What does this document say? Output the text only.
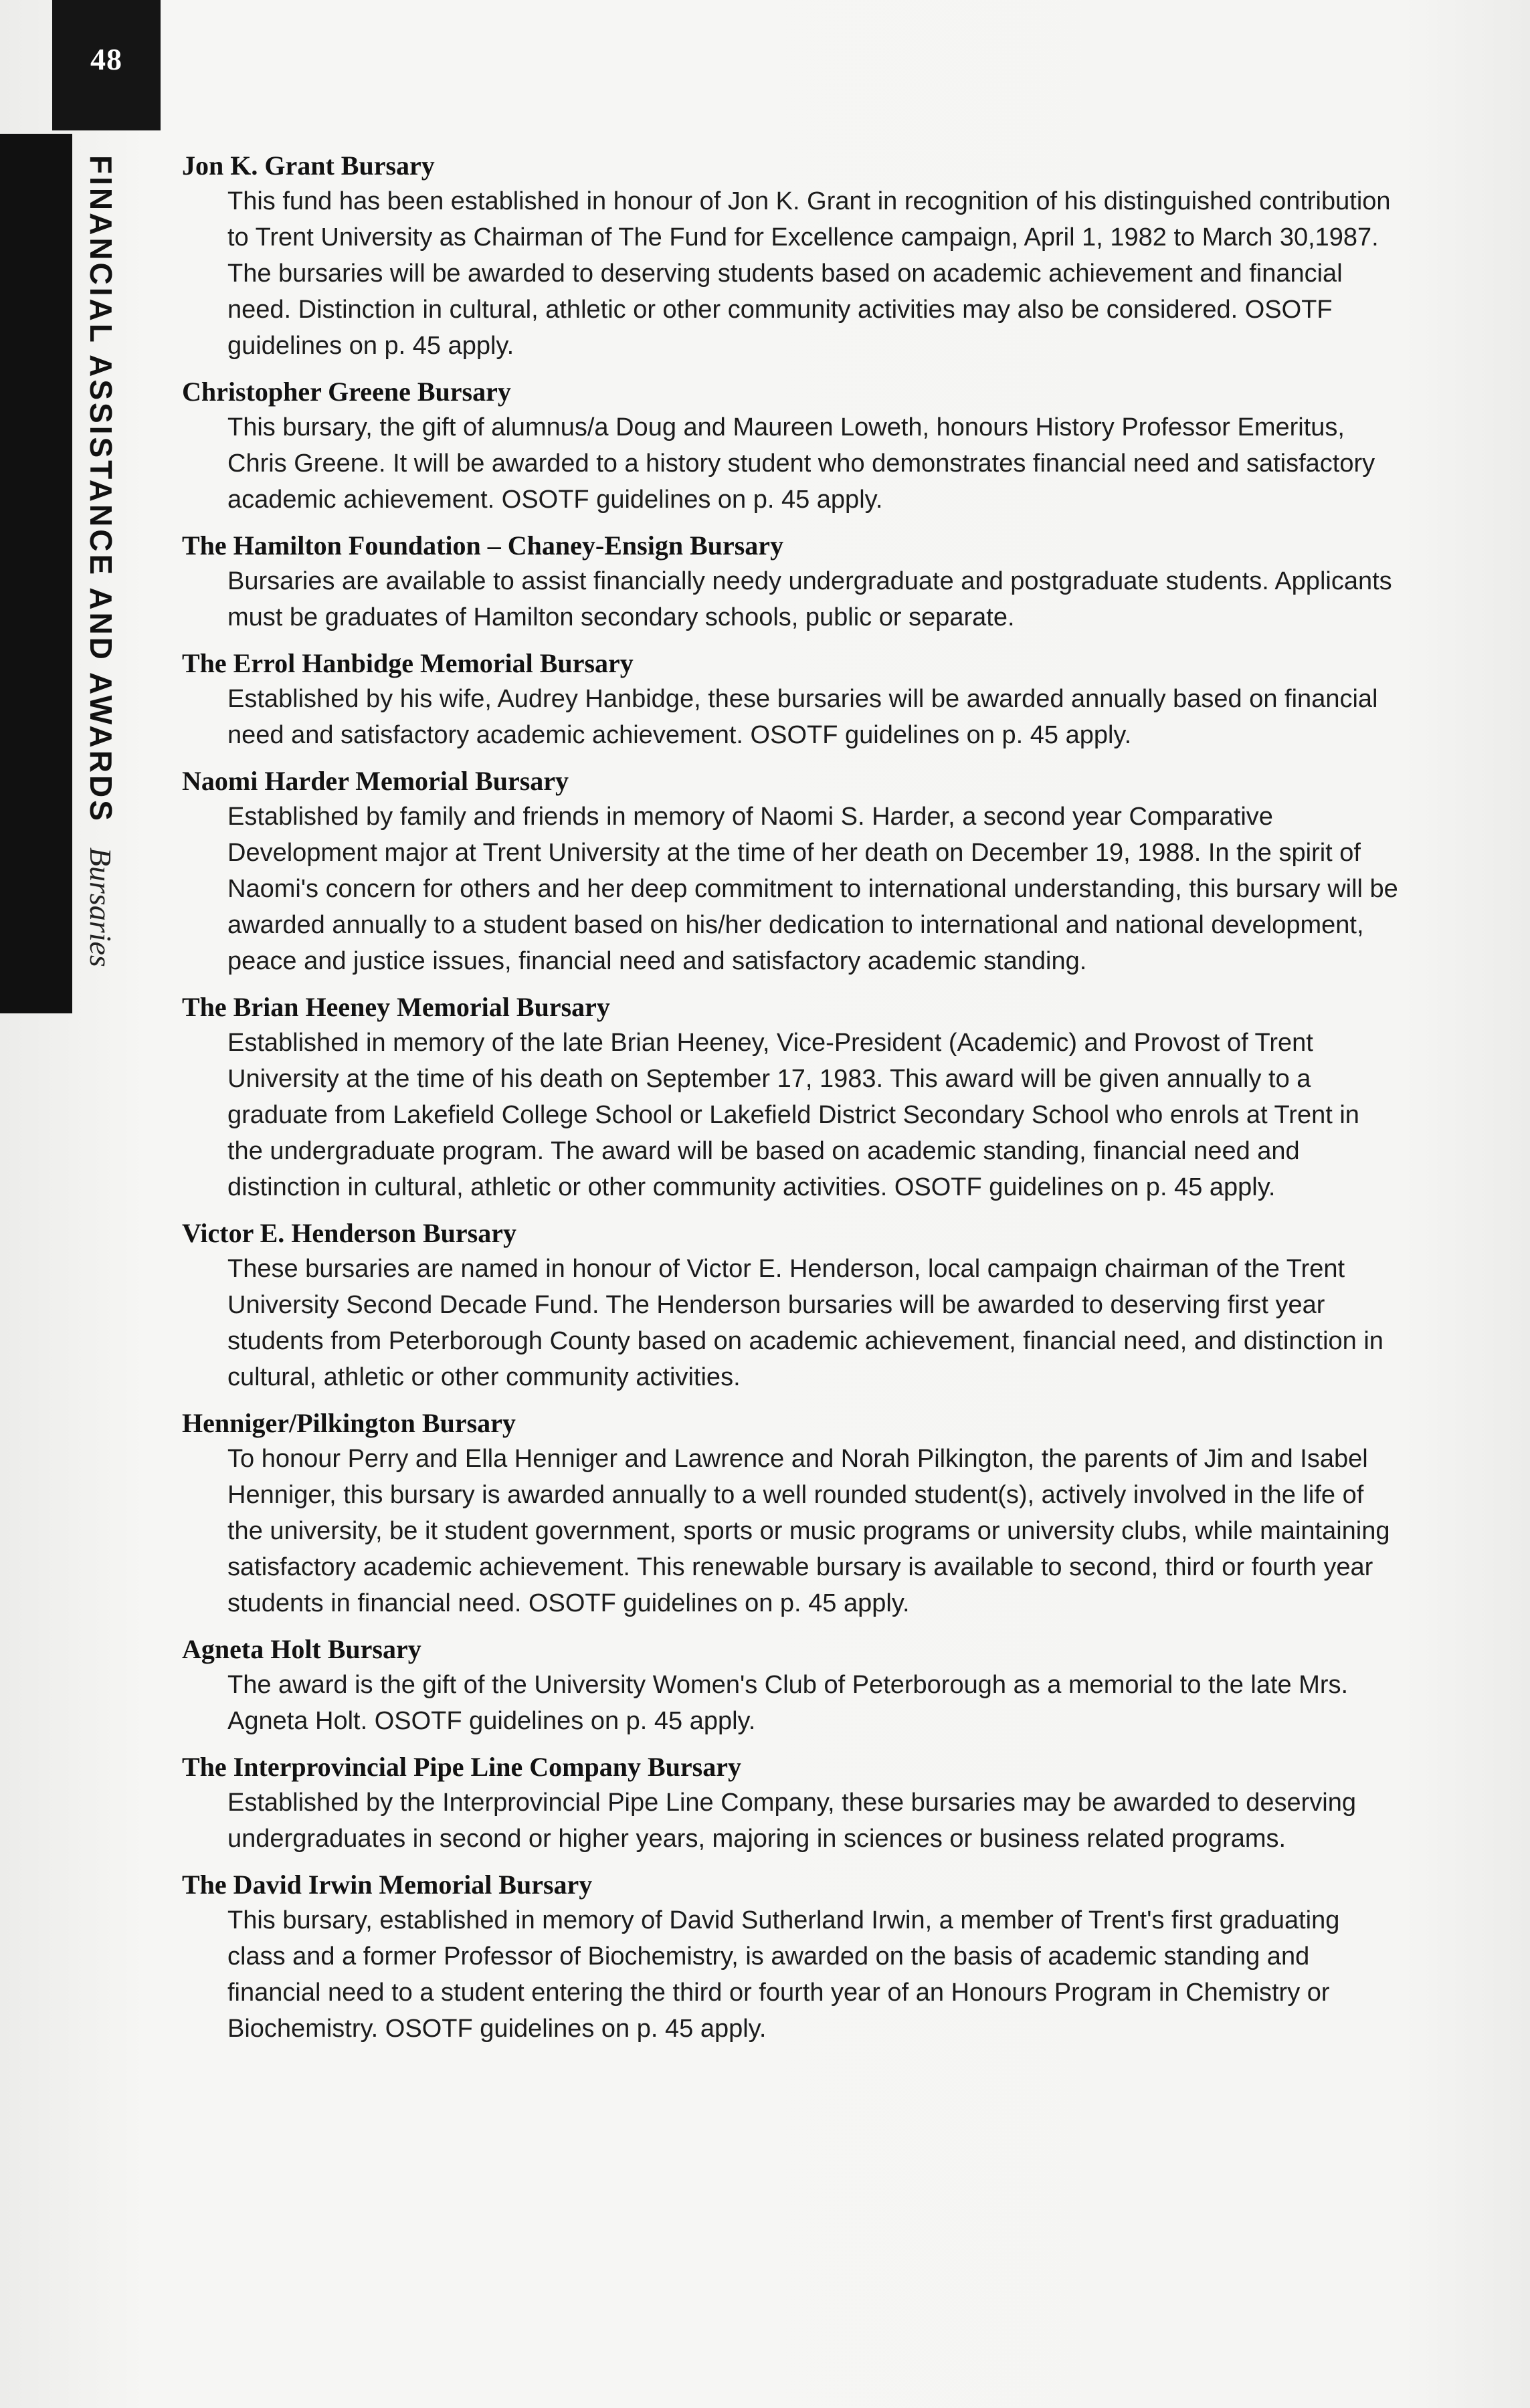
48
FINANCIAL ASSISTANCE AND AWARDSBursaries
Jon K. Grant Bursary
This fund has been established in honour of Jon K. Grant in recognition of his distinguished contribution to Trent University as Chairman of The Fund for Excellence campaign, April 1, 1982 to March 30,1987. The bursaries will be awarded to deserving students based on academic achievement and financial need. Distinction in cultural, athletic or other community activities may also be considered. OSOTF guidelines on p. 45 apply.
Christopher Greene Bursary
This bursary, the gift of alumnus/a Doug and Maureen Loweth, honours History Professor Emeritus, Chris Greene. It will be awarded to a history student who demonstrates financial need and satisfactory academic achievement. OSOTF guidelines on p. 45 apply.
The Hamilton Foundation – Chaney-Ensign Bursary
Bursaries are available to assist financially needy undergraduate and postgraduate students. Applicants must be graduates of Hamilton secondary schools, public or separate.
The Errol Hanbidge Memorial Bursary
Established by his wife, Audrey Hanbidge, these bursaries will be awarded annually based on financial need and satisfactory academic achievement. OSOTF guidelines on p. 45 apply.
Naomi Harder Memorial Bursary
Established by family and friends in memory of Naomi S. Harder, a second year Comparative Development major at Trent University at the time of her death on December 19, 1988. In the spirit of Naomi's concern for others and her deep commitment to international understanding, this bursary will be awarded annually to a student based on his/her dedication to international and national development, peace and justice issues, financial need and satisfactory academic standing.
The Brian Heeney Memorial Bursary
Established in memory of the late Brian Heeney, Vice-President (Academic) and Provost of Trent University at the time of his death on September 17, 1983. This award will be given annually to a graduate from Lakefield College School or Lakefield District Secondary School who enrols at Trent in the undergraduate program. The award will be based on academic standing, financial need and distinction in cultural, athletic or other community activities. OSOTF guidelines on p. 45 apply.
Victor E. Henderson Bursary
These bursaries are named in honour of Victor E. Henderson, local campaign chairman of the Trent University Second Decade Fund. The Henderson bursaries will be awarded to deserving first year students from Peterborough County based on academic achievement, financial need, and distinction in cultural, athletic or other community activities.
Henniger/Pilkington Bursary
To honour Perry and Ella Henniger and Lawrence and Norah Pilkington, the parents of Jim and Isabel Henniger, this bursary is awarded annually to a well rounded student(s), actively involved in the life of the university, be it student government, sports or music programs or university clubs, while maintaining satisfactory academic achievement. This renewable bursary is available to second, third or fourth year students in financial need. OSOTF guidelines on p. 45 apply.
Agneta Holt Bursary
The award is the gift of the University Women's Club of Peterborough as a memorial to the late Mrs. Agneta Holt. OSOTF guidelines on p. 45 apply.
The Interprovincial Pipe Line Company Bursary
Established by the Interprovincial Pipe Line Company, these bursaries may be awarded to deserving undergraduates in second or higher years, majoring in sciences or business related programs.
The David Irwin Memorial Bursary
This bursary, established in memory of David Sutherland Irwin, a member of Trent's first graduating class and a former Professor of Biochemistry, is awarded on the basis of academic standing and financial need to a student entering the third or fourth year of an Honours Program in Chemistry or Biochemistry. OSOTF guidelines on p. 45 apply.
